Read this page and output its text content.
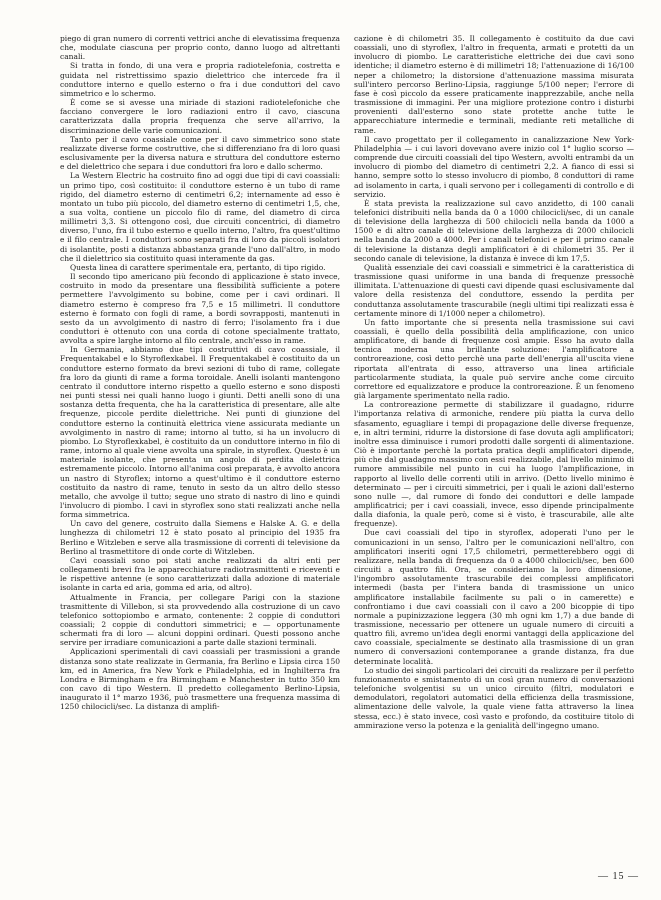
piego di gran numero di correnti vettrici anche di elevatissima frequenza che, modulate ciascuna per proprio conto, danno luogo ad altrettanti canali.

Si tratta in fondo, di una vera e propria radiotelefonia, costretta e guidata nel ristrettissimo spazio dielettrico che intercede fra il conduttore interno e quello esterno o fra i due conduttori del cavo simmetrico e lo schermo.

È come se si avesse una miriade di stazioni radiotelefoniche che facciano convergere le loro radiazioni entro il cavo, ciascuna caratterizzata dalla propria frequenza che serve all'arrivo, la discriminazione delle varie comunicazioni.

Tanto per il cavo coassiale come per il cavo simmetrico sono state realizzate diverse forme costruttive, che si differenziano fra di loro quasi esclusivamente per la diversa natura e struttura del conduttore esterno e del dielettrico che separa i due conduttori fra loro e dallo schermo.

La Western Electric ha costruito fino ad oggi due tipi di cavi coassiali: un primo tipo, così costituito: il conduttore esterno è un tubo di rame rigido, del diametro esterno di centimetri 6,2; internamente ad esso è montato un tubo più piccolo, del diametro esterno di centimetri 1,5, che, a sua volta, contiene un piccolo filo di rame, del diametro di circa millimetri 3,3. Si ottengono così, due circuiti concentrici, di diametro diverso, l'uno, fra il tubo esterno e quello interno, l'altro, fra quest'ultimo e il filo centrale. I conduttori sono separati fra di loro da piccoli isolatori di isolantite, posti a distanza abbastanza grande l'uno dall'altro, in modo che il dielettrico sia costituito quasi interamente da gas.

Questa linea di carattere sperimentale era, pertanto, di tipo rigido.

Il secondo tipo americano più fecondo di applicazione è stato invece, costruito in modo da presentare una flessibilità sufficiente a potere permettere l'avvolgimento su bobine, come per i cavi ordinari. Il diametro esterno è compreso fra 7,5 e 15 millimetri. Il conduttore esterno è formato con fogli di rame, a bordi sovrapposti, mantenuti in sesto da un avvolgimento di nastro di ferro; l'isolamento fra i due conduttori è ottenuto con una corda di cotone specialmente trattato, avvolta a spire larghe intorno al filo centrale, anch'esso in rame.

In Germania, abbiamo due tipi costruttivi di cavo coassiale, il Frequentakabel e lo Styroflexkabel. Il Frequentakabel è costituito da un conduttore esterno formato da brevi sezioni di tubo di rame, collegate fra loro da giunti di rame a forma toroidale. Anelli isolanti mantengono centrato il conduttore interno rispetto a quello esterno e sono disposti nei punti stessi nei quali hanno luogo i giunti. Detti anelli sono di una sostanza detta frequenta, che ha la caratteristica di presentare, alle alte frequenze, piccole perdite dielettriche. Nei punti di giunzione del conduttore esterno la continuità elettrica viene assicurata mediante un avvolgimento in nastro di rame; intorno al tutto, si ha un involucro di piombo. Lo Styroflexkabel, è costituito da un conduttore interno in filo di rame, intorno al quale viene avvolta una spirale, in styroflex. Questo è un materiale isolante, che presenta un angolo di perdita dielettrica estremamente piccolo. Intorno all'anima così preparata, è avvolto ancora un nastro di Styroflex; intorno a quest'ultimo è il conduttore esterno costituito da nastro di rame, tenuto in sesto da un altro dello stesso metallo, che avvolge il tutto; segue uno strato di nastro di lino e quindi l'involucro di piombo. I cavi in styroflex sono stati realizzati anche nella forma simmetrica.

Un cavo del genere, costruito dalla Siemens e Halske A. G. e della lunghezza di chilometri 12 è stato posato al principio del 1935 fra Berlino e Witzleben e serve alla trasmissione di correnti di televisione da Berlino al trasmettitore di onde corte di Witzleben.

Cavi coassiali sono poi stati anche realizzati da altri enti per collegamenti brevi fra le apparecchiature radiotrasmittenti e riceventi e le rispettive antenne (e sono caratterizzati dalla adozione di materiale isolante in carta ed aria, gomma ed aria, od altro).

Attualmente in Francia, per collegare Parigi con la stazione trasmittente di Villebon, si sta provvedendo alla costruzione di un cavo telefonico sottopiombo e armato, contenente: 2 coppie di conduttori coassiali; 2 coppie di conduttori simmetrici; e — opportunamente schermati fra di loro — alcuni doppini ordinari. Questi possono anche servire per irradiare comunicazioni a parte dalle stazioni terminali.

Applicazioni sperimentali di cavi coassiali per trasmissioni a grande distanza sono state realizzate in Germania, fra Berlino e Lipsia circa 150 km, ed in America, fra New York e Philadelphia, ed in Inghilterra fra Londra e Birmingham e fra Birmingham e Manchester in tutto 350 km con cavo di tipo Western. Il predetto collegamento Berlino-Lipsia, inaugurato il 1° marzo 1936, può trasmettere una frequenza massima di 1250 chilocicli/sec. La distanza di amplifi-

cazione è di chilometri 35. Il collegamento è costituito da due cavi coassiali, uno di styroflex, l'altro in frequenta, armati e protetti da un involucro di piombo. Le caratteristiche elettriche dei due cavi sono identiche; il diametro esterno è di millimetri 18; l'attenuazione di 16/100 neper a chilometro; la distorsione d'attenuazione massima misurata sull'intero percorso Berlino-Lipsia, raggiunge 5/100 neper; l'errore di fase è così piccolo da essere praticamente inapprezzabile, anche nella trasmissione di immagini. Per una migliore protezione contro i disturbi provenienti dall'esterno sono state protette anche tutte le apparecchiature intermedie e terminali, mediante reti metalliche di rame.

Il cavo progettato per il collegamento in canalizzazione New York-Philadelphia — i cui lavori dovevano avere inizio col 1° luglio scorso — comprende due circuiti coassiali del tipo Western, avvolti entrambi da un involucro di piombo del diametro di centimetri 2,2. A fianco di essi si hanno, sempre sotto lo stesso involucro di piombo, 8 conduttori di rame ad isolamento in carta, i quali servono per i collegamenti di controllo e di servizio.

È stata prevista la realizzazione sul cavo anzidetto, di 100 canali telefonici distribuiti nella banda da 0 a 1000 chilocicli/sec, di un canale di televisione della larghezza di 500 chilocicli nella banda da 1000 a 1500 e di altro canale di televisione della larghezza di 2000 chilocicli nella banda da 2000 a 4000. Per i canali telefonici e per il primo canale di televisione la distanza degli amplificatori è di chilometri 35. Per il secondo canale di televisione, la distanza è invece di km 17,5.

Qualità essenziale dei cavi coassiali e simmetrici è la caratteristica di trasmissione quasi uniforme in una banda di frequenze pressochè illimitata. L'attenuazione di questi cavi dipende quasi esclusivamente dal valore della resistenza del conduttore, essendo la perdita per conduttanza assolutamente trascurabile (negli ultimi tipi realizzati essa è certamente minore di 1/1000 neper a chilometro).

Un fatto importante che si presenta nella trasmissione sui cavi coassiali, è quello della possibilità della amplificazione, con unico amplificatore, di bande di frequenze così ampie. Esso ha avuto dalla tecnica moderna una brillante soluzione: l'amplificatore a controreazione, così detto perchè una parte dell'energia all'uscita viene riportata all'entrata di esso, attraverso una linea artificiale particolarmente studiata, la quale può servire anche come circuito correttore ed equalizzatore e produce la controreazione. È un fenomeno già largamente sperimentato nella radio.

La controreazione permette di stabilizzare il guadagno, ridurre l'importanza relativa di armoniche, rendere più piatta la curva dello sfasamento, eguagliare i tempi di propagazione delle diverse frequenze, e, in altri termini, ridurre la distorsione di fase dovuta agli amplificatori; inoltre essa diminuisce i rumori prodotti dalle sorgenti di alimentazione. Ciò è importante perchè la portata pratica degli amplificatori dipende, più che dal guadagno massimo con essi realizzabile, dal livello minimo di rumore ammissibile nel punto in cui ha luogo l'amplificazione, in rapporto al livello delle correnti utili in arrivo. (Detto livello minimo è determinato — per i circuiti simmetrici, per i quali le azioni dall'esterno sono nulle —, dal rumore di fondo dei conduttori e delle lampade amplificatrici; per i cavi coassiali, invece, esso dipende principalmente dalla diafonia, la quale però, come si è visto, è trascurabile, alle alte frequenze).

Due cavi coassiali del tipo in styroflex, adoperati l'uno per le comunicazioni in un senso, l'altro per le comunicazioni nell'altro, con amplificatori inseriti ogni 17,5 chilometri, permetterebbero oggi di realizzare, nella banda di frequenza da 0 a 4000 chilocicli/sec, ben 600 circuiti a quattro fili. Ora, se consideriamo la loro dimensione, l'ingombro assolutamente trascurabile dei complessi amplificatori intermedi (basta per l'intera banda di trasmissione un unico amplificatore installabile facilmente su pali o in camerette) e confrontiamo i due cavi coassiali con il cavo a 200 bicoppie di tipo normale a pupinizzazione leggera (30 mh ogni km 1,7) a due bande di trasmissione, necessario per ottenere un uguale numero di circuiti a quattro fili, avremo un'idea degli enormi vantaggi della applicazione del cavo coassiale, specialmente se destinato alla trasmissione di un gran numero di conversazioni contemporanee a grande distanza, fra due determinate località.

Lo studio dei singoli particolari dei circuiti da realizzare per il perfetto funzionamento e smistamento di un così gran numero di conversazioni telefoniche svolgentisi su un unico circuito (filtri, modulatori e demodulatori, regolatori automatici della efficienza della trasmissione, alimentazione delle valvole, la quale viene fatta attraverso la linea stessa, ecc.) è stato invece, così vasto e profondo, da costituire titolo di ammirazione verso la potenza e la genialità dell'ingegno umano.

— 15 —
